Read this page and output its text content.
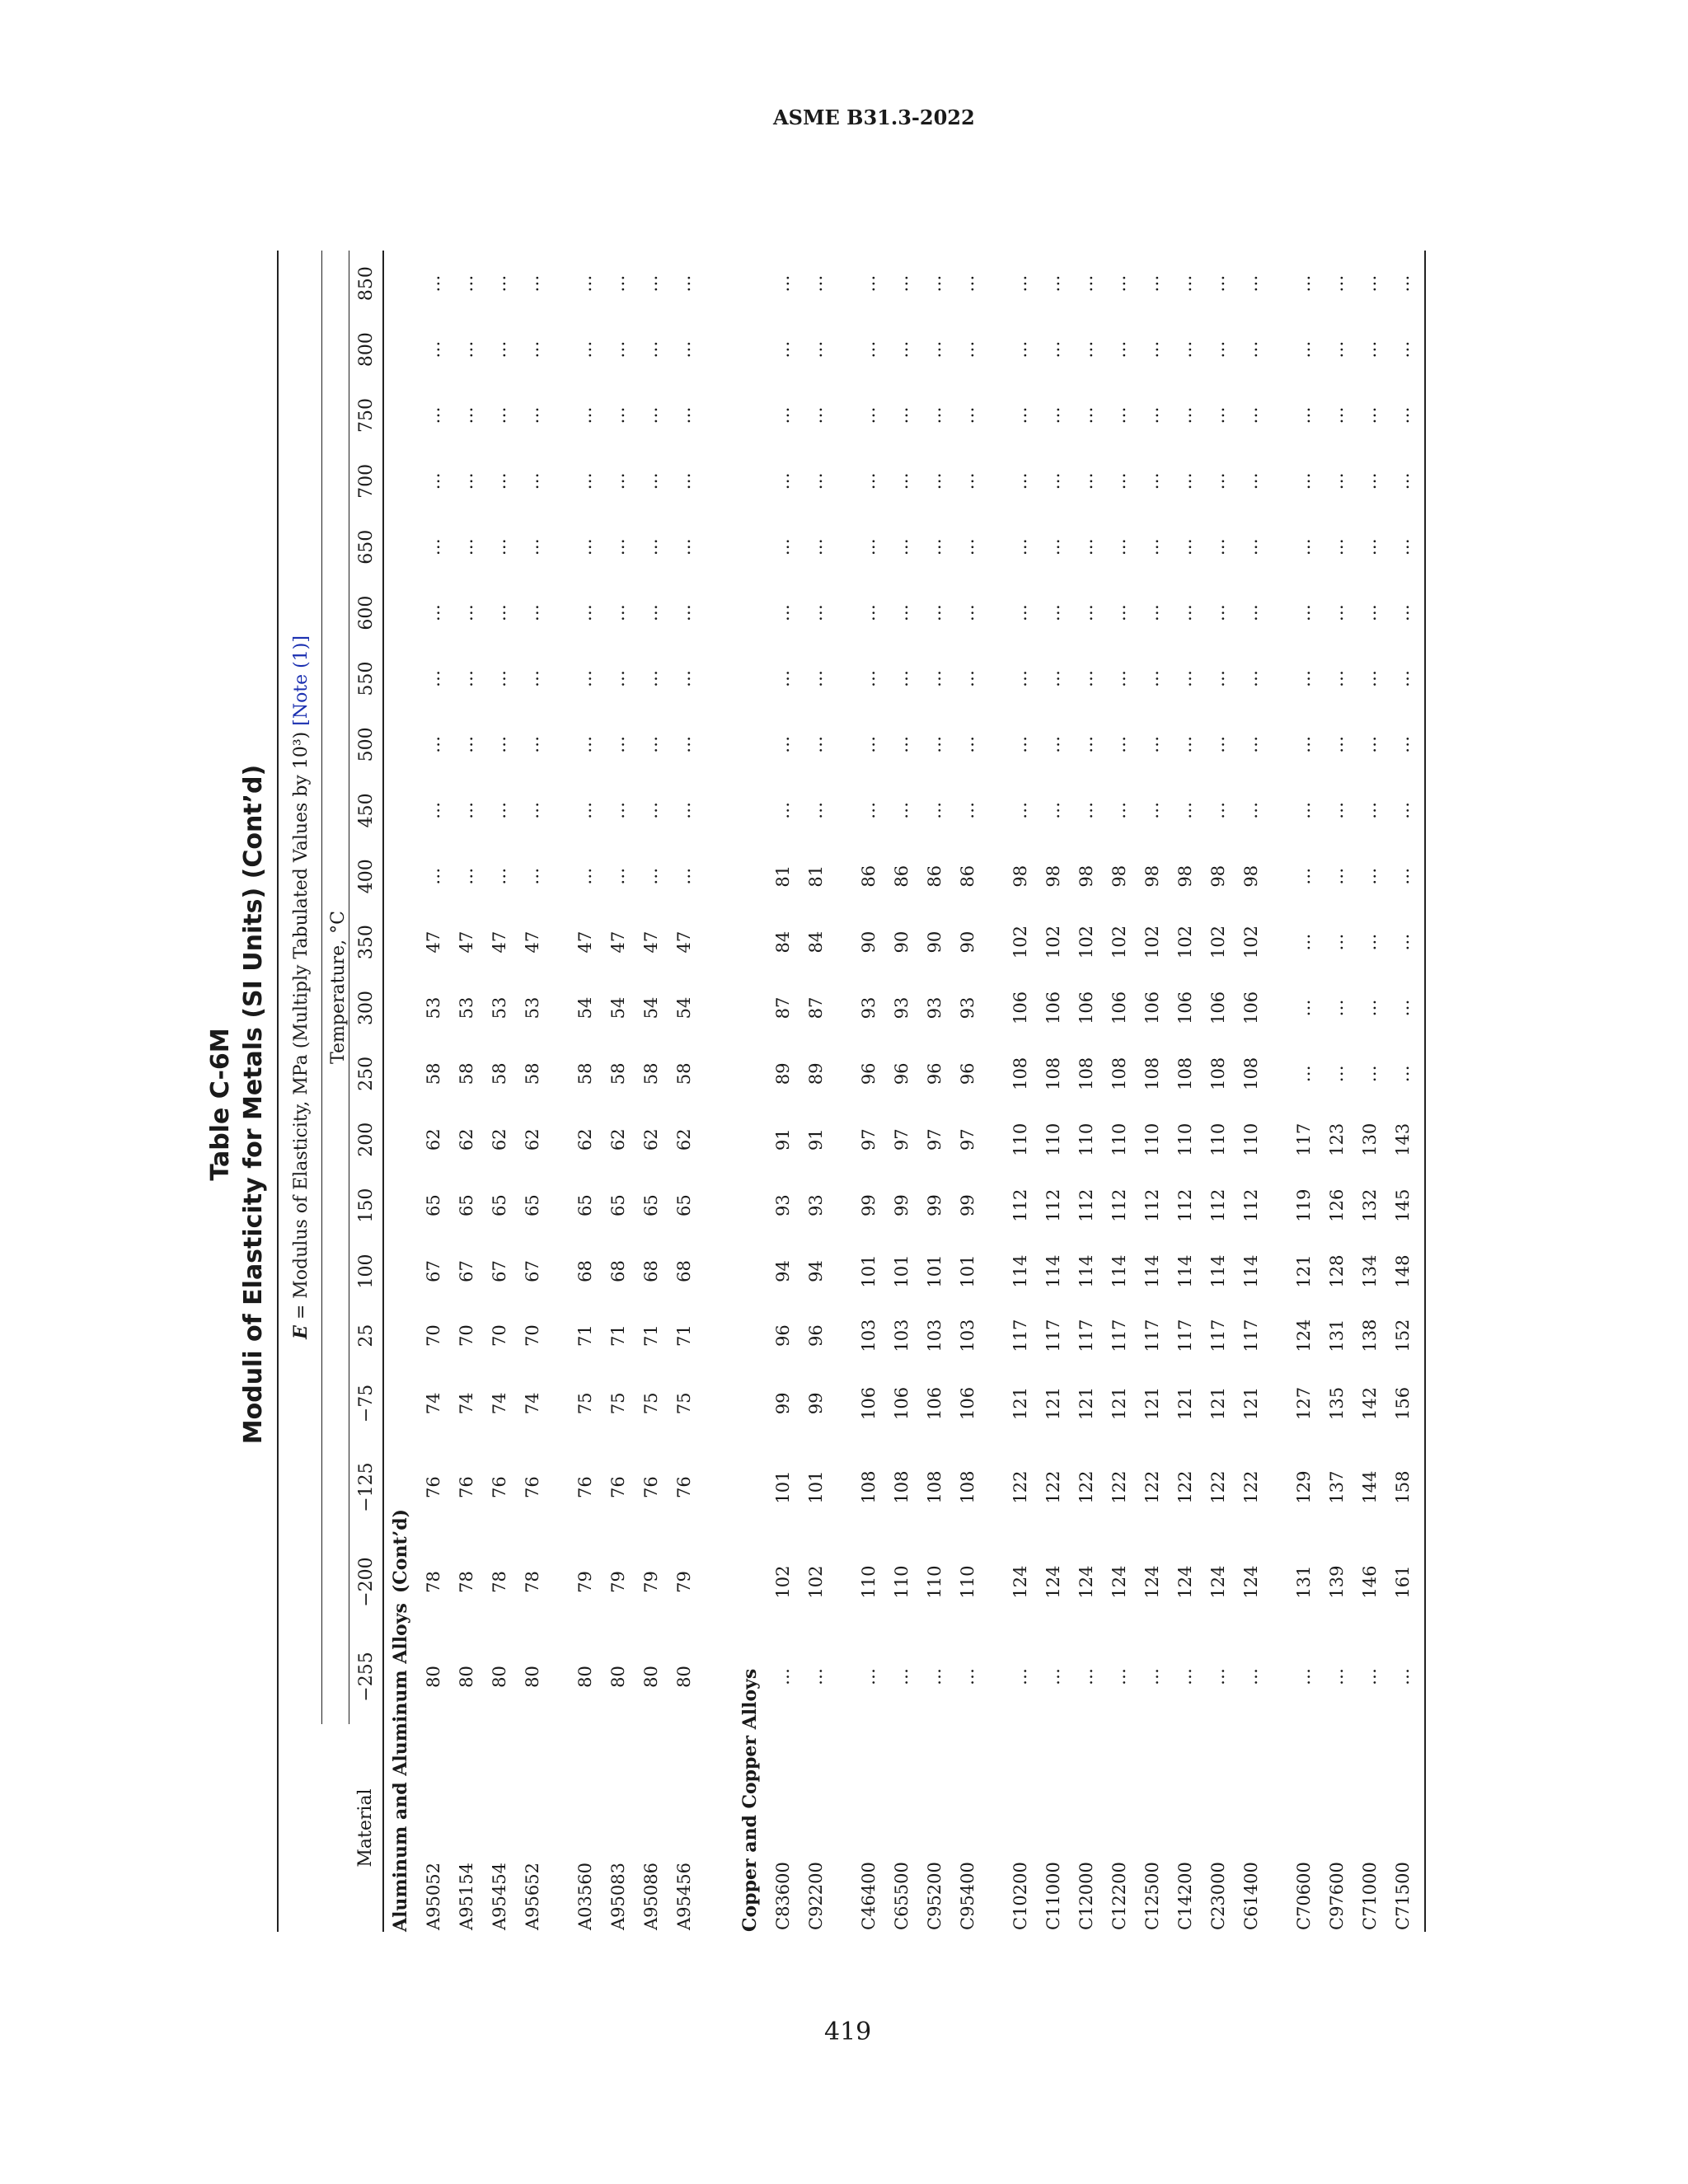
ASME B31.3-2022
Table C-6M Moduli of Elasticity for Metals (SI Units) (Cont’d)

	E = Modulus of Elasticity, MPa (Multiply Tabulated Values by 10³) [Note (1)]																				
	Temperature, °C																				
Material	−255	−200	−125	−75	25	100	150	200	250	300	350	400	450	500	550	600	650	700	750	800	850
Aluminum and Aluminum Alloys(Cont’d)																					
A95052	80	78	76	74	70	67	65	62	58	53	47	…	…	…	…	…	…	…	…	…	…
A95154	80	78	76	74	70	67	65	62	58	53	47	…	…	…	…	…	…	…	…	…	…
A95454	80	78	76	74	70	67	65	62	58	53	47	…	…	…	…	…	…	…	…	…	…
A95652	80	78	76	74	70	67	65	62	58	53	47	…	…	…	…	…	…	…	…	…	…

A03560	80	79	76	75	71	68	65	62	58	54	47	…	…	…	…	…	…	…	…	…	…
A95083	80	79	76	75	71	68	65	62	58	54	47	…	…	…	…	…	…	…	…	…	…
A95086	80	79	76	75	71	68	65	62	58	54	47	…	…	…	…	…	…	…	…	…	…
A95456	80	79	76	75	71	68	65	62	58	54	47	…	…	…	…	…	…	…	…	…	…

Copper and Copper Alloys																					
C83600	…	102	101	99	96	94	93	91	89	87	84	81	…	…	…	…	…	…	…	…	…
C92200	…	102	101	99	96	94	93	91	89	87	84	81	…	…	…	…	…	…	…	…	…

C46400	…	110	108	106	103	101	99	97	96	93	90	86	…	…	…	…	…	…	…	…	…
C65500	…	110	108	106	103	101	99	97	96	93	90	86	…	…	…	…	…	…	…	…	…
C95200	…	110	108	106	103	101	99	97	96	93	90	86	…	…	…	…	…	…	…	…	…
C95400	…	110	108	106	103	101	99	97	96	93	90	86	…	…	…	…	…	…	…	…	…

C10200	…	124	122	121	117	114	112	110	108	106	102	98	…	…	…	…	…	…	…	…	…
C11000	…	124	122	121	117	114	112	110	108	106	102	98	…	…	…	…	…	…	…	…	…
C12000	…	124	122	121	117	114	112	110	108	106	102	98	…	…	…	…	…	…	…	…	…
C12200	…	124	122	121	117	114	112	110	108	106	102	98	…	…	…	…	…	…	…	…	…
C12500	…	124	122	121	117	114	112	110	108	106	102	98	…	…	…	…	…	…	…	…	…
C14200	…	124	122	121	117	114	112	110	108	106	102	98	…	…	…	…	…	…	…	…	…
C23000	…	124	122	121	117	114	112	110	108	106	102	98	…	…	…	…	…	…	…	…	…
C61400	…	124	122	121	117	114	112	110	108	106	102	98	…	…	…	…	…	…	…	…	…

C70600	…	131	129	127	124	121	119	117	…	…	…	…	…	…	…	…	…	…	…	…	…
C97600	…	139	137	135	131	128	126	123	…	…	…	…	…	…	…	…	…	…	…	…	…
C71000	…	146	144	142	138	134	132	130	…	…	…	…	…	…	…	…	…	…	…	…	…
C71500	…	161	158	156	152	148	145	143	…	…	…	…	…	…	…	…	…	…	…	…	…

419
